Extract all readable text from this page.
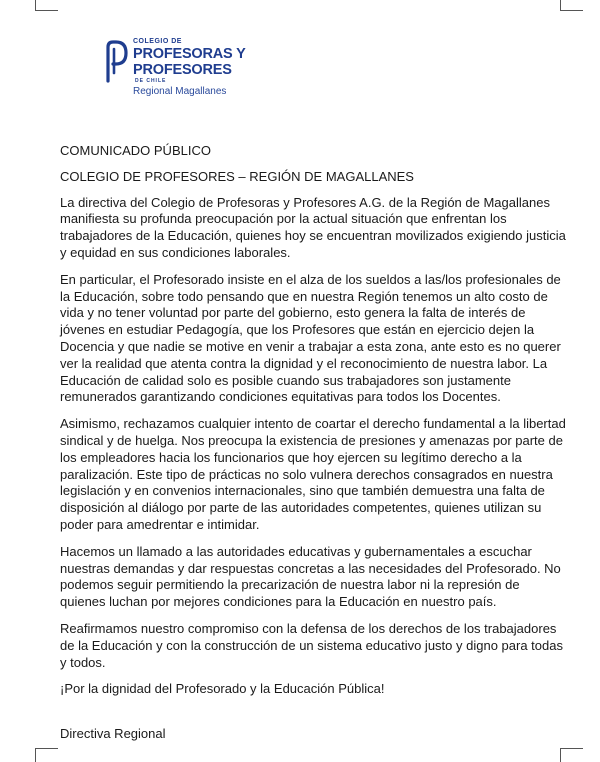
COLEGIO DE
PROFESORAS Y
PROFESORES
DE CHILE
Regional Magallanes

COMUNICADO PÚBLICO

COLEGIO DE PROFESORES – REGIÓN DE MAGALLANES

La directiva del Colegio de Profesoras y Profesores A.G. de la Región de Magallanes manifiesta su profunda preocupación por la actual situación que enfrentan los trabajadores de la Educación, quienes hoy se encuentran movilizados exigiendo justicia y equidad en sus condiciones laborales.

En particular, el Profesorado insiste en el alza de los sueldos a las/los profesionales de la Educación, sobre todo pensando que en nuestra Región tenemos un alto costo de vida y no tener voluntad por parte del gobierno, esto genera la falta de interés de jóvenes en estudiar Pedagogía, que los Profesores que están en ejercicio dejen la Docencia y que nadie se motive en venir a trabajar a esta zona, ante esto es no querer ver la realidad que atenta contra la dignidad y el reconocimiento de nuestra labor. La Educación de calidad solo es posible cuando sus trabajadores son justamente remunerados garantizando condiciones equitativas para todos los Docentes.

Asimismo, rechazamos cualquier intento de coartar el derecho fundamental a la libertad sindical y de huelga. Nos preocupa la existencia de presiones y amenazas por parte de los empleadores hacia los funcionarios que hoy ejercen su legítimo derecho a la paralización. Este tipo de prácticas no solo vulnera derechos consagrados en nuestra legislación y en convenios internacionales, sino que también demuestra una falta de disposición al diálogo por parte de las autoridades competentes, quienes utilizan su poder para amedrentar e intimidar.

Hacemos un llamado a las autoridades educativas y gubernamentales a escuchar nuestras demandas y dar respuestas concretas a las necesidades del Profesorado. No podemos seguir permitiendo la precarización de nuestra labor ni la represión de quienes luchan por mejores condiciones para la Educación en nuestro país.

Reafirmamos nuestro compromiso con la defensa de los derechos de los trabajadores de la Educación y con la construcción de un sistema educativo justo y digno para todas y todos.

¡Por la dignidad del Profesorado y la Educación Pública!

Directiva Regional
